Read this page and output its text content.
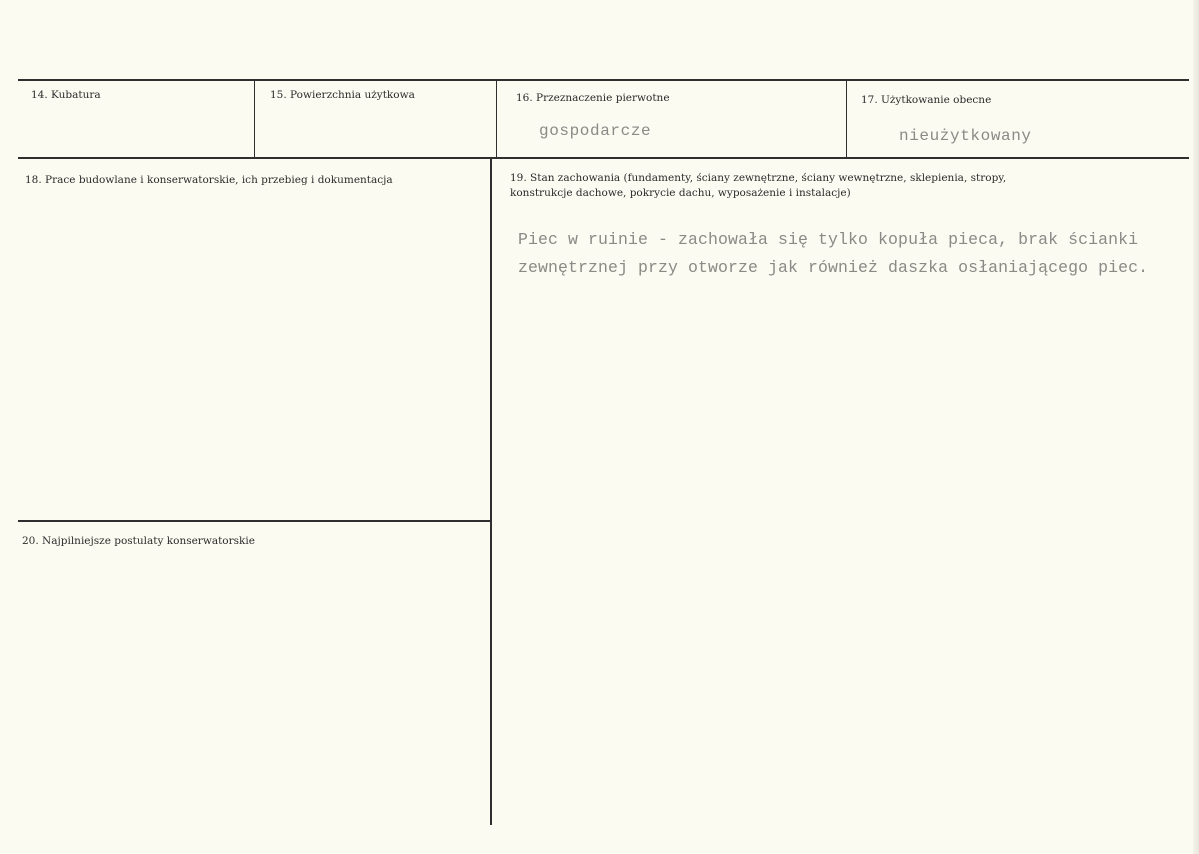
14. Kubatura	15. Powierzchnia użytkowa	16. Przeznaczenie pierwotne
gospodarcze
17. Użytkowanie obecne
nieużytkowany
18. Prace budowlane i konserwatorskie, ich przebieg i dokumentacja	19. Stan zachowania (fundamenty, ściany zewnętrzne, ściany wewnętrzne, sklepienia, stropy,
konstrukcje dachowe, pokrycie dachu, wyposażenie i instalacje)
Piec w ruinie - zachowała się tylko kopuła pieca, brak ścianki
zewnętrznej przy otworze jak również daszka osłaniającego piec.
20. Najpilniejsze postulaty konserwatorskie
